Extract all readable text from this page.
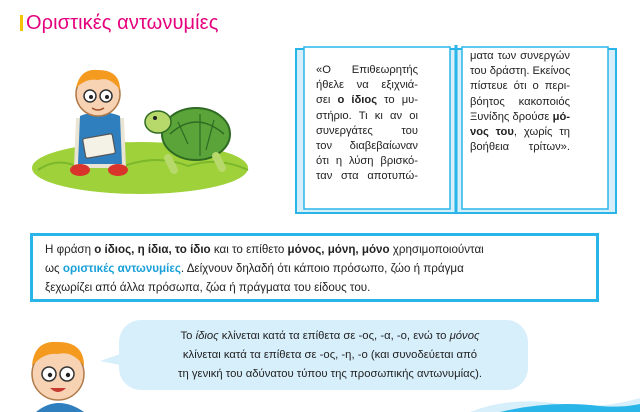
Οριστικές αντωνυμίες
«Ο Επιθεωρητής
ήθελε να εξιχνιά-
σει ο ίδιος το μυ-
στήριο. Τι κι αν οι
συνεργάτες του
τον διαβεβαίωναν
ότι η λύση βρισκό-
ταν στα αποτυπώ-
ματα των συνεργών
του δράστη. Εκείνος
πίστευε ότι ο περι-
βόητος κακοποιός
Ξυνίδης δρούσε μό-
νος του, χωρίς τη
βοήθεια τρίτων».
Η φράση ο ίδιος, η ίδια, το ίδιο και το επίθετο μόνος, μόνη, μόνο χρησιμοποιούνται
ως οριστικές αντωνυμίες. Δείχνουν δηλαδή ότι κάποιο πρόσωπο, ζώο ή πράγμα
ξεχωρίζει από άλλα πρόσωπα, ζώα ή πράγματα του είδους του.
Το ίδιος κλίνεται κατά τα επίθετα σε -ος, -α, -ο, ενώ το μόνος
κλίνεται κατά τα επίθετα σε -ος, -η, -ο (και συνοδεύεται από
τη γενική του αδύνατου τύπου της προσωπικής αντωνυμίας).
